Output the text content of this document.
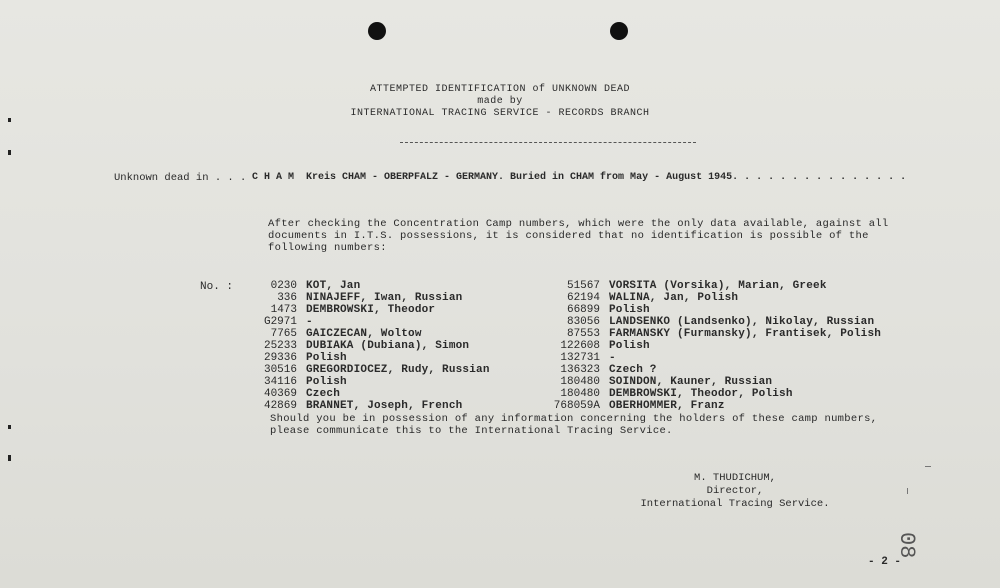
ATTEMPTED IDENTIFICATION of UNKNOWN DEAD
made by
INTERNATIONAL TRACING SERVICE - RECORDS BRANCH
Unknown dead in . . . C H A M  Kreis CHAM - OBERPFALZ - GERMANY. Buried in CHAM from May - August 1945. . . . . . . . . . . . . . .
After checking the Concentration Camp numbers, which were the only data available, against all
documents in I.T.S. possessions, it is considered that no identification is possible of the
following numbers:
No. :	0230 KOT, Jan
336 NINAJEFF, Iwan, Russian
1473 DEMBROWSKI, Theodor
G2971 -
7765 GAICZECAN, Woltow
25233 DUBIAKA (Dubiana), Simon
29336 Polish
30516 GREGORDIOCEZ, Rudy, Russian
34116 Polish
40369 Czech
42869 BRANNET, Joseph, French
51567 VORSITA (Vorsika), Marian, Greek
62194 WALINA, Jan, Polish
66899 Polish
83056 LANDSENKO (Landsenko), Nikolay, Russian
87553 FARMANSKY (Furmansky), Frantisek, Polish
122608 Polish
132731 -
136323 Czech ?
180480 SOINDON, Kauner, Russian
180480 DEMBROWSKI, Theodor, Polish
768059A OBERHOMMER, Franz
Should you be in possession of any information concerning the holders of these camp numbers,
please communicate this to the International Tracing Service.
M. THUDICHUM,
Director,
International Tracing Service.
- 2 -
08
